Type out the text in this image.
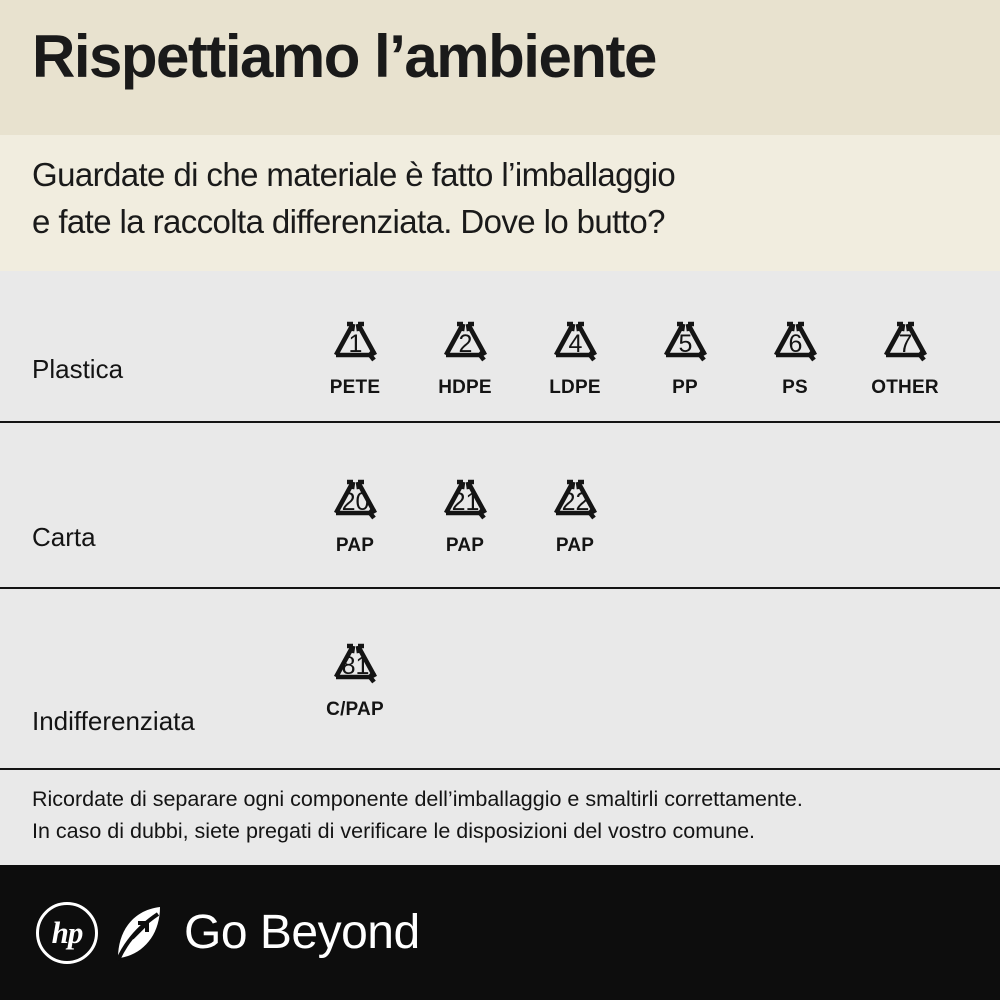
Rispettiamo l’ambiente
Guardate di che materiale è fatto l’imballaggio
e fate la raccolta differenziata. Dove lo butto?
Plastica
1
PETE
2
HDPE
4
LDPE
5
PP
6
PS
7
OTHER
Carta
20
PAP
21
PAP
22
PAP
Indifferenziata
81
C/PAP
Ricordate di separare ogni componente dell’imballaggio e smaltirli correttamente.
In caso di dubbi, siete pregati di verificare le disposizioni del vostro comune.
hp Go Beyond
